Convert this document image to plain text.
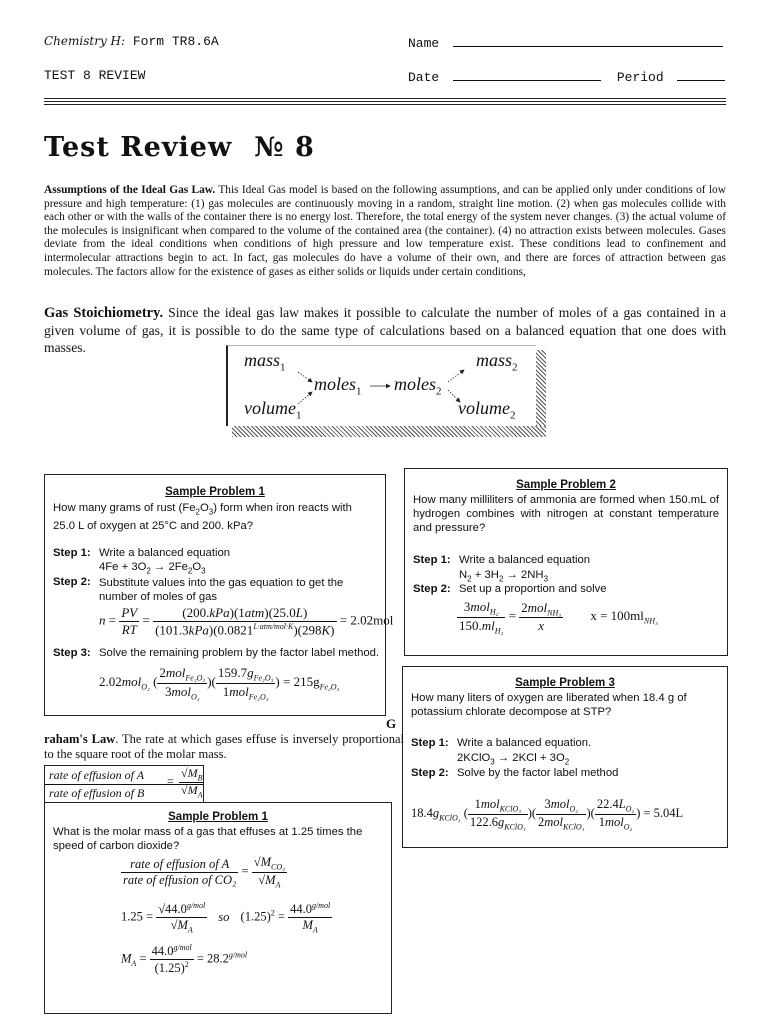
Chemistry H: Form TR8.6A	Name
TEST 8 REVIEW	Date	Period
Test Review № 8
Assumptions of the Ideal Gas Law. This Ideal Gas model is based on the following assumptions, and can be applied only under conditions of low pressure and high temperature: (1) gas molecules are continuously moving in a random, straight line motion. (2) when gas molecules collide with each other or with the walls of the container there is no energy lost. Therefore, the total energy of the system never changes. (3) the actual volume of the molecules is insignificant when compared to the volume of the contained area (the container). (4) no attraction exists between molecules. Gases deviate from the ideal conditions when conditions of high pressure and low temperature exist. These conditions lead to confinement and intermolecular attractions begin to act. In fact, gas molecules do have a volume of their own, and there are forces of attraction between gas molecules. The factors allow for the existence of gases as either solids or liquids under certain conditions,
Gas Stoichiometry. Since the ideal gas law makes it possible to calculate the number of moles of a gas contained in a given volume of gas, it is possible to do the same type of calculations based on a balanced equation that one does with masses.
mass$_1$	mass$_2$
moles$_1$ moles$_2$
volume$_1$	volume$_2$
Sample Problem 1
How many grams of rust $(Fe_2O_3)$ form when iron reacts with 25.0 L of oxygen at 25°C and 200. kPa?
Step 1: Write a balanced equation
$4Fe + 3O_2 \to 2Fe_2O_3$
Step 2: Substitute values into the gas equation to get the number of moles of gas
$n = \frac{PV}{RT} = \frac{\text{(200.kPa)(1atm)(25.0L)}}{(101.3kPa)(0.0821^{L\cdot atm/mol\cdot K})(298K)} = 2.02mol$
Step 3: Solve the remaining problem by the factor label method.
2.02mol$_{O_2}$ ( $\frac{2mol_{Fe_2O_3}}{3mol_{O_2}}$ )( $\frac{159.7g_{Fe_2O_3}}{1mol_{Fe_2O_3}}$ ) = $215g_{Fe_2O_3}$
Sample Problem 2
How many milliliters of ammonia are formed when 150.mL of hydrogen combines with nitrogen at constant temperature and pressure?
Step 1: Write a balanced equation
$N_2 + 3H_2 \to 2NH_3$
Step 2: Set up a proportion and solve
$\frac{3mol_{H_2}}{150.ml_{H_2}} = \frac{2mol_{NH_3}}{x}$ $x = 100ml_{NH_3}$
Sample Problem 3
How many liters of oxygen are liberated when 18.4 g of potassium chlorate decompose at STP?
Step 1: Write a balanced equation.
2KClO$_3$ → $2KCl + 3O_2$
Step 2: Solve by the factor label method
$18.4g_{KClO_3}$ ( $\frac{1mol_{KClO_3}}{122.6g_{KClO_3}}$ )( $\frac{3mol_{O_2}}{2mol_{KClO_3}}$ )( $\frac{22.4L_{O_2}}{1mol_{O_2}}$ ) = 5.04L
G
raham's Law. The rate at which gases effuse is inversely proportional to the square root of the molar mass.
rate of effusion of A
rate of effusion of B
= $\frac{√M_B}{√M_A}$
Sample Problem 1
What is the molar mass of a gas that effuses at 1.25 times the speed of carbon dioxide?
$\frac{\text{rate of effusion of A}}{\text{rate of effusion of CO₂}} = \frac{√M_{CO_2}}{√M_A}$
$1.25 = \frac{√44.0^{g/mol}}{√M_A}$ so $(1.25)^2 = \frac{44.0^{g/mol}}{M_A}$
$M_A = \frac{44.0^{g/mol}}{(1.25)^2} = 28.2^{g/mol}$
